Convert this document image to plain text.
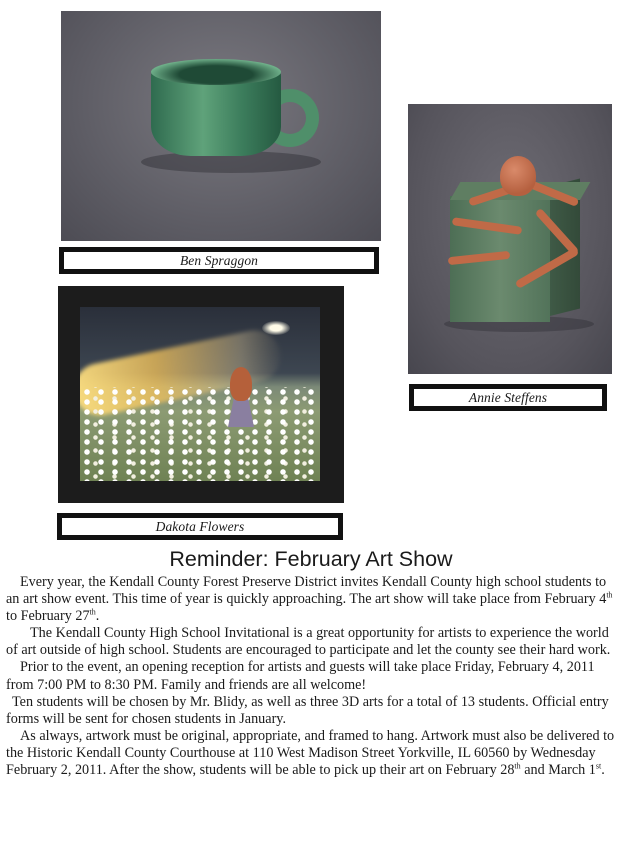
Ben Spraggon
Annie Steffens
Dakota Flowers
Reminder: February Art Show

Every year, the Kendall County Forest Preserve District invites Kendall County high school students to an art show event. This time of year is quickly approaching. The art show will take place from February 4th to February 27th.

The Kendall County High School Invitational is a great opportunity for artists to experience the world of art outside of high school. Students are encouraged to participate and let the county see their hard work.

Prior to the event, an opening reception for artists and guests will take place Friday, February 4, 2011 from 7:00 PM to 8:30 PM. Family and friends are all welcome!

Ten students will be chosen by Mr. Blidy, as well as three 3D arts for a total of 13 students. Official entry forms will be sent for chosen students in January.

As always, artwork must be original, appropriate, and framed to hang. Artwork must also be delivered to the Historic Kendall County Courthouse at 110 West Madison Street Yorkville, IL 60560 by Wednesday February 2, 2011. After the show, students will be able to pick up their art on February 28th and March 1st.
